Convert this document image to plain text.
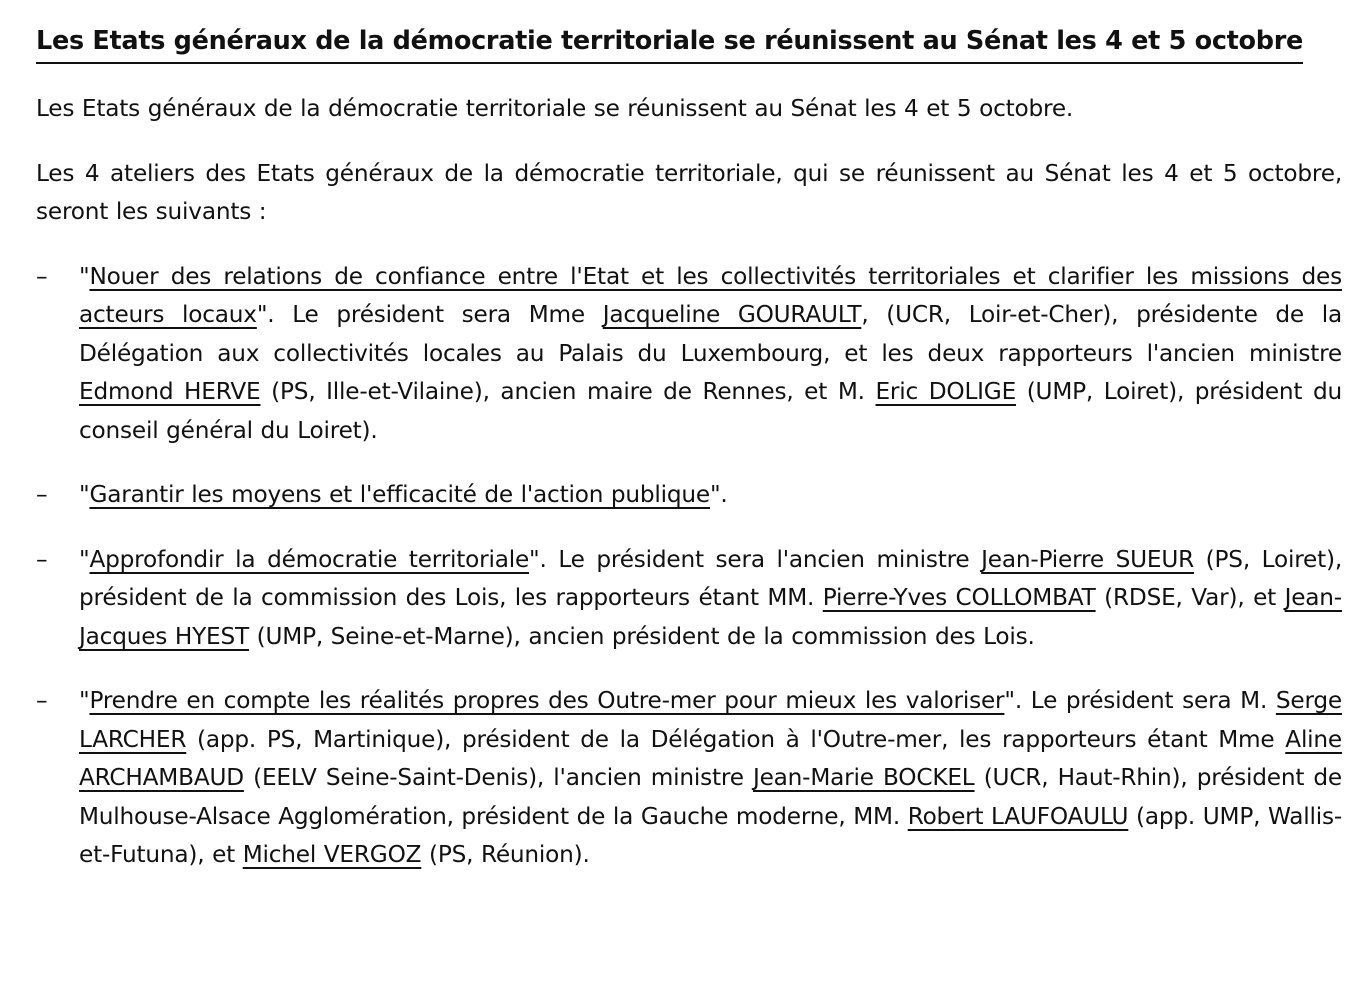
Les Etats généraux de la démocratie territoriale se réunissent au Sénat les 4 et 5 octobre

Les Etats généraux de la démocratie territoriale se réunissent au Sénat les 4 et 5 octobre.

Les 4 ateliers des Etats généraux de la démocratie territoriale, qui se réunissent au Sénat les 4 et 5 octobre, seront les suivants :

– "Nouer des relations de confiance entre l'Etat et les collectivités territoriales et clarifier les missions des acteurs locaux". Le président sera Mme Jacqueline GOURAULT, (UCR, Loir-et-Cher), présidente de la Délégation aux collectivités locales au Palais du Luxembourg, et les deux rapporteurs l'ancien ministre Edmond HERVE (PS, Ille-et-Vilaine), ancien maire de Rennes, et M. Eric DOLIGE (UMP, Loiret), président du conseil général du Loiret).
– "Garantir les moyens et l'efficacité de l'action publique".
– "Approfondir la démocratie territoriale". Le président sera l'ancien ministre Jean-Pierre SUEUR (PS, Loiret), président de la commission des Lois, les rapporteurs étant MM. Pierre-Yves COLLOMBAT (RDSE, Var), et Jean-Jacques HYEST (UMP, Seine-et-Marne), ancien président de la commission des Lois.
– "Prendre en compte les réalités propres des Outre-mer pour mieux les valoriser". Le président sera M. Serge LARCHER (app. PS, Martinique), président de la Délégation à l'Outre-mer, les rapporteurs étant Mme Aline ARCHAMBAUD (EELV Seine-Saint-Denis), l'ancien ministre Jean-Marie BOCKEL (UCR, Haut-Rhin), président de Mulhouse-Alsace Agglomération, président de la Gauche moderne, MM. Robert LAUFOAULU (app. UMP, Wallis-et-Futuna), et Michel VERGOZ (PS, Réunion).
